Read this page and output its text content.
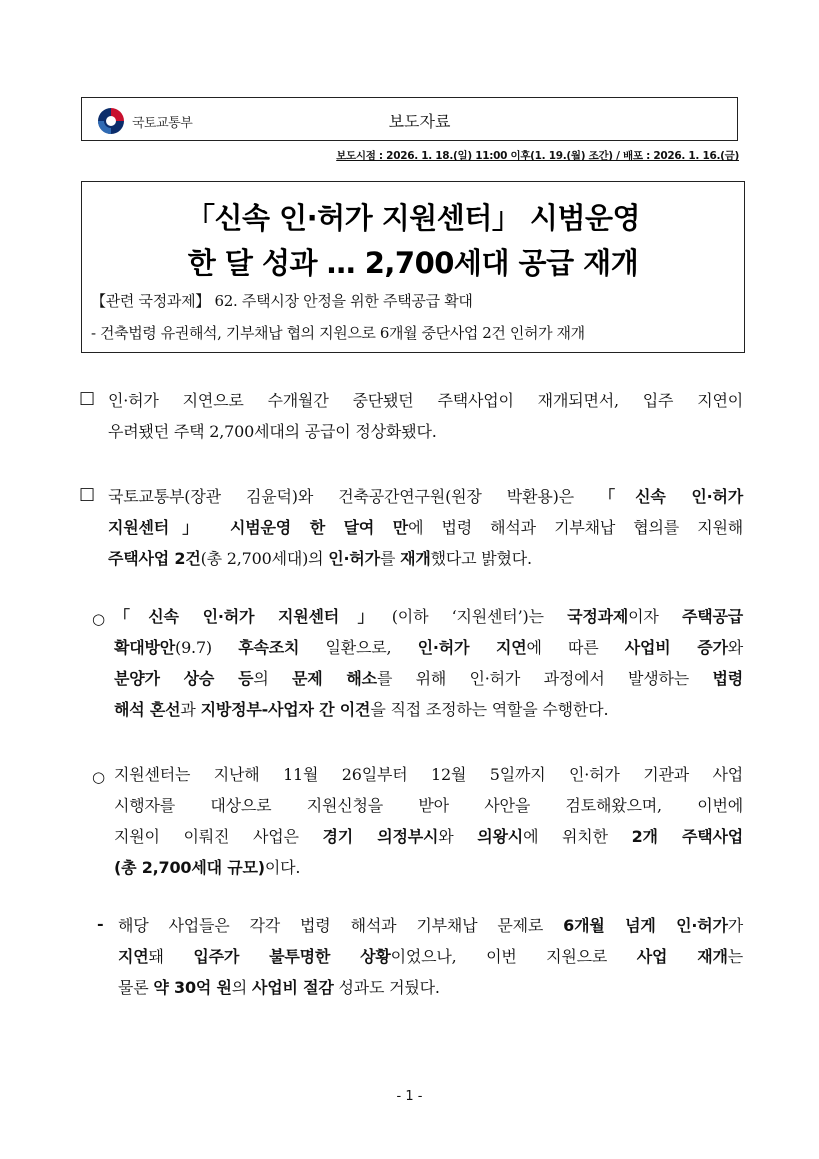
국토교통부	보도자료
보도시점 : 2026. 1. 18.(일) 11:00 이후(1. 19.(월) 조간) / 배포 : 2026. 1. 16.(금)
「신속 인·허가 지원센터」 시범운영
한 달 성과 … 2,700세대 공급 재개
【관련 국정과제】 62. 주택시장 안정을 위한 주택공급 확대
- 건축법령 유권해석, 기부채납 협의 지원으로 6개월 중단사업 2건 인허가 재개
□ 인·허가 지연으로 수개월간 중단됐던 주택사업이 재개되면서, 입주 지연이
우려됐던 주택 2,700세대의 공급이 정상화됐다.
□ 국토교통부(장관 김윤덕)와 건축공간연구원(원장 박환용)은 「신속 인·허가
지원센터」 시범운영 한 달여 만에 법령 해석과 기부채납 협의를 지원해
주택사업 2건(총 2,700세대)의 인·허가를 재개했다고 밝혔다.
○ 「신속 인·허가 지원센터」(이하 ‘지원센터’)는 국정과제이자 주택공급
확대방안(9.7) 후속조치 일환으로, 인·허가 지연에 따른 사업비 증가와
분양가 상승 등의 문제 해소를 위해 인·허가 과정에서 발생하는 법령
해석 혼선과 지방정부-사업자 간 이견을 직접 조정하는 역할을 수행한다.
○ 지원센터는 지난해 11월 26일부터 12월 5일까지 인·허가 기관과 사업
시행자를 대상으로 지원신청을 받아 사안을 검토해왔으며, 이번에
지원이 이뤄진 사업은 경기 의정부시와 의왕시에 위치한 2개 주택사업
(총 2,700세대 규모)이다.
- 해당 사업들은 각각 법령 해석과 기부채납 문제로 6개월 넘게 인·허가가
지연돼 입주가 불투명한 상황이었으나, 이번 지원으로 사업 재개는
물론 약 30억 원의 사업비 절감 성과도 거뒀다.
- 1 -
